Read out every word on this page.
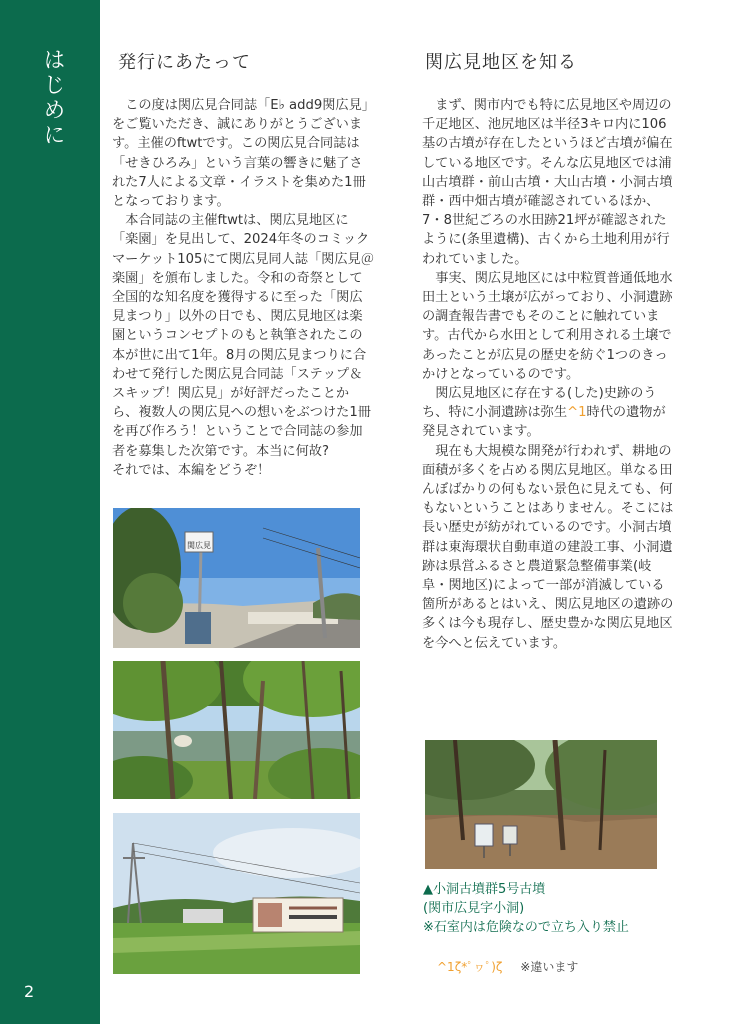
はじめに
2
発行にあたって	関広見地区を知る

この度は関広見合同誌「E♭ add9関広見」をご覧いただき、誠にありがとうございます。主催のftwtです。この関広見合同誌は「せきひろみ」という言葉の響きに魅了された7人による文章・イラストを集めた1冊となっております。

本合同誌の主催ftwtは、関広見地区に「楽園」を見出して、2024年冬のコミックマーケット105にて関広見同人誌「関広見＠楽園」を頒布しました。令和の奇祭として全国的な知名度を獲得するに至った「関広見まつり」以外の日でも、関広見地区は楽園というコンセプトのもと執筆されたこの本が世に出て1年。8月の関広見まつりに合わせて発行した関広見合同誌「ステップ＆スキップ！関広見」が好評だったことから、複数人の関広見への想いをぶつけた1冊を再び作ろう！ということで合同誌の参加者を募集した次第です。本当に何故?

それでは、本編をどうぞ！

まず、関市内でも特に広見地区や周辺の千疋地区、池尻地区は半径3キロ内に106基の古墳が存在したというほど古墳が偏在している地区です。そんな広見地区では浦山古墳群・前山古墳・大山古墳・小洞古墳群・西中畑古墳が確認されているほか、7・8世紀ごろの水田跡21坪が確認されたように(条里遺構)、古くから土地利用が行われていました。

事実、関広見地区には中粒質普通低地水田土という土壌が広がっており、小洞遺跡の調査報告書でもそのことに触れています。古代から水田として利用される土壌であったことが広見の歴史を紡ぐ1つのきっかけとなっているのです。

関広見地区に存在する(した)史跡のうち、特に小洞遺跡は弥生^1時代の遺物が発見されています。

現在も大規模な開発が行われず、耕地の面積が多くを占める関広見地区。単なる田んぼばかりの何もない景色に見えても、何もないということはありません。そこには長い歴史が紡がれているのです。小洞古墳群は東海環状自動車道の建設工事、小洞遺跡は県営ふるさと農道緊急整備事業(岐阜・関地区)によって一部が消滅している箇所があるとはいえ、関広見地区の遺跡の多くは今も現存し、歴史豊かな関広見地区を今へと伝えています。

関広見
▲小洞古墳群5号古墳
(関市広見字小洞)
※石室内は危険なので立ち入り禁止
^1ζ*ﾟヮﾟ)ζ ※違います
